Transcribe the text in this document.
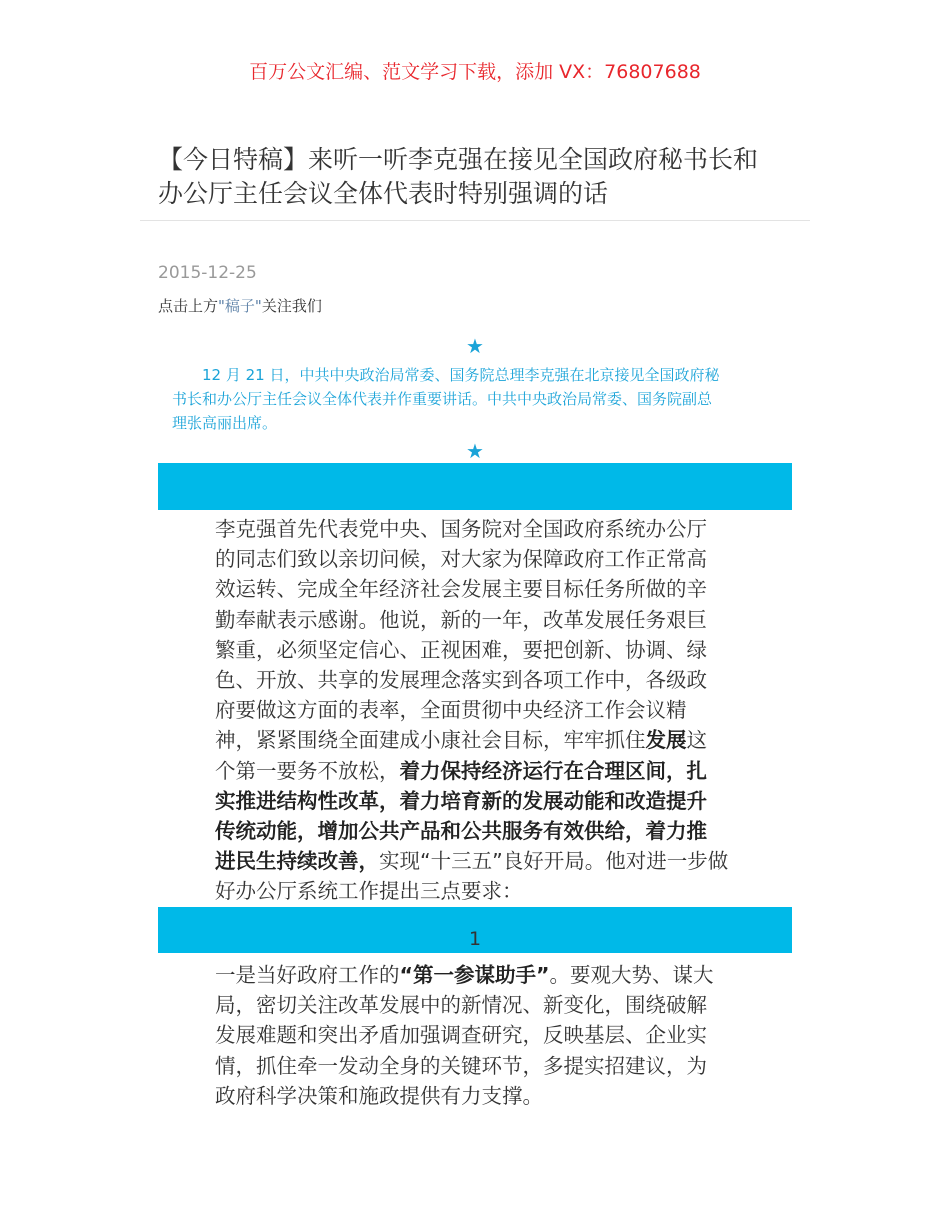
百万公文汇编、范文学习下载，添加 VX：76807688
【今日特稿】来听一听李克强在接见全国政府秘书长和
办公厅主任会议全体代表时特别强调的话
2015-12-25
点击上方"稿子"关注我们
★
　　12 月 21 日，中共中央政治局常委、国务院总理李克强在北京接见全国政府秘
书长和办公厅主任会议全体代表并作重要讲话。中共中央政治局常委、国务院副总
理张高丽出席。
★
李克强首先代表党中央、国务院对全国政府系统办公厅
的同志们致以亲切问候，对大家为保障政府工作正常高
效运转、完成全年经济社会发展主要目标任务所做的辛
勤奉献表示感谢。他说，新的一年，改革发展任务艰巨
繁重，必须坚定信心、正视困难，要把创新、协调、绿
色、开放、共享的发展理念落实到各项工作中，各级政
府要做这方面的表率，全面贯彻中央经济工作会议精
神，紧紧围绕全面建成小康社会目标，牢牢抓住发展这
个第一要务不放松，着力保持经济运行在合理区间，扎
实推进结构性改革，着力培育新的发展动能和改造提升
传统动能，增加公共产品和公共服务有效供给，着力推
进民生持续改善，实现“十三五”良好开局。他对进一步做
好办公厅系统工作提出三点要求：
1
一是当好政府工作的“第一参谋助手”。要观大势、谋大
局，密切关注改革发展中的新情况、新变化，围绕破解
发展难题和突出矛盾加强调查研究，反映基层、企业实
情，抓住牵一发动全身的关键环节，多提实招建议，为
政府科学决策和施政提供有力支撑。
